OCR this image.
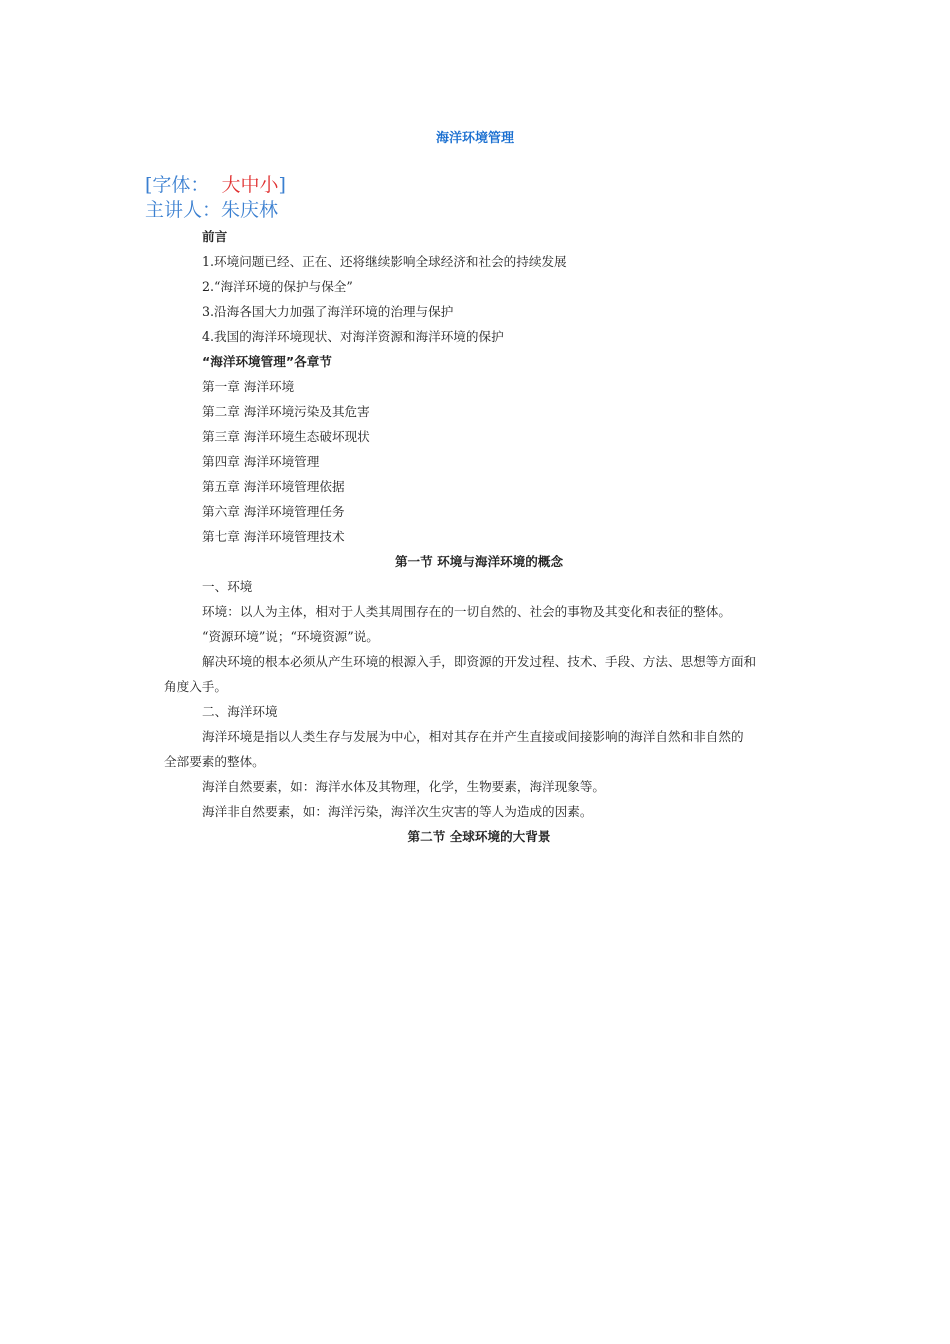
海洋环境管理
[字体： 大中小]
主讲人：朱庆林
前言
1.环境问题已经、正在、还将继续影响全球经济和社会的持续发展
2.“海洋环境的保护与保全”
3.沿海各国大力加强了海洋环境的治理与保护
4.我国的海洋环境现状、对海洋资源和海洋环境的保护
“海洋环境管理”各章节
第一章 海洋环境
第二章 海洋环境污染及其危害
第三章 海洋环境生态破坏现状
第四章 海洋环境管理
第五章 海洋环境管理依据
第六章 海洋环境管理任务
第七章 海洋环境管理技术
第一节 环境与海洋环境的概念
一、环境
环境：以人为主体，相对于人类其周围存在的一切自然的、社会的事物及其变化和表征的整体。
“资源环境”说；“环境资源”说。
解决环境的根本必须从产生环境的根源入手，即资源的开发过程、技术、手段、方法、思想等方面和
角度入手。
二、海洋环境
海洋环境是指以人类生存与发展为中心，相对其存在并产生直接或间接影响的海洋自然和非自然的
全部要素的整体。
海洋自然要素，如：海洋水体及其物理，化学，生物要素，海洋现象等。
海洋非自然要素，如：海洋污染，海洋次生灾害的等人为造成的因素。
第二节 全球环境的大背景
